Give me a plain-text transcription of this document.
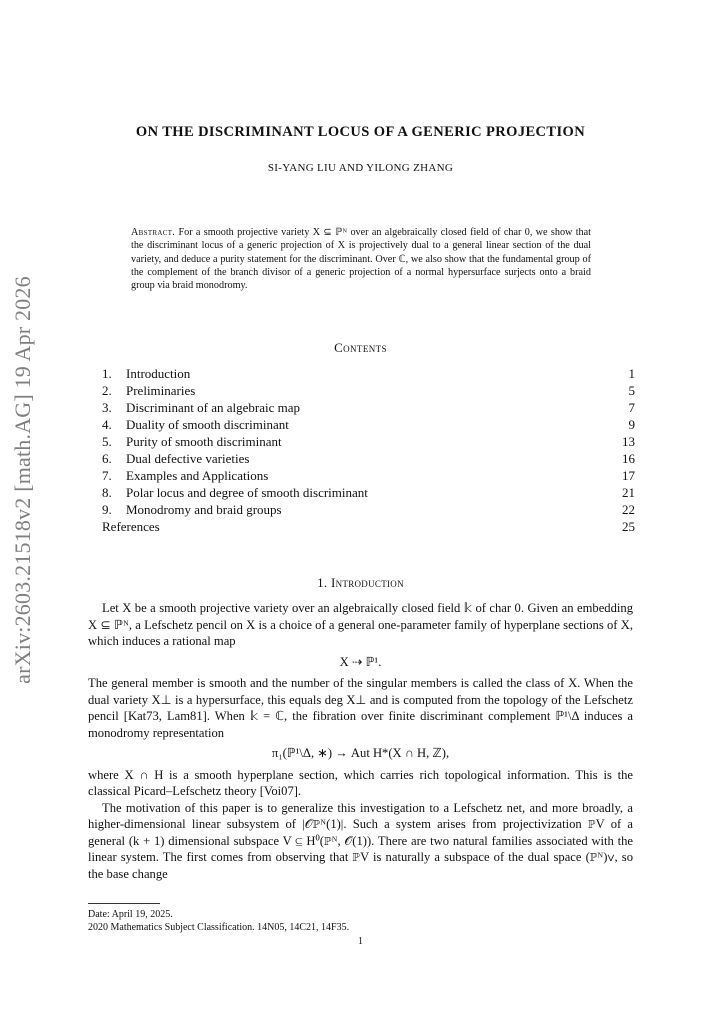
arXiv:2603.21518v2 [math.AG] 19 Apr 2026
ON THE DISCRIMINANT LOCUS OF A GENERIC PROJECTION
SI-YANG LIU AND YILONG ZHANG
Abstract. For a smooth projective variety X ⊆ ℙᴺ over an algebraically closed field of char 0, we show that the discriminant locus of a generic projection of X is projectively dual to a general linear section of the dual variety, and deduce a purity statement for the discriminant. Over ℂ, we also show that the fundamental group of the complement of the branch divisor of a generic projection of a normal hypersurface surjects onto a braid group via braid monodromy.
Contents
1. Introduction	1
2. Preliminaries	5
3. Discriminant of an algebraic map	7
4. Duality of smooth discriminant	9
5. Purity of smooth discriminant	13
6. Dual defective varieties	16
7. Examples and Applications	17
8. Polar locus and degree of smooth discriminant	21
9. Monodromy and braid groups	22
References	25
1. Introduction

Let X be a smooth projective variety over an algebraically closed field 𝕜 of char 0. Given an embedding X ⊆ ℙᴺ, a Lefschetz pencil on X is a choice of a general one-parameter family of hyperplane sections of X, which induces a rational map

X ⇢ ℙ¹.

The general member is smooth and the number of the singular members is called the class of X. When the dual variety X⊥ is a hypersurface, this equals deg X⊥ and is computed from the topology of the Lefschetz pencil [Kat73, Lam81]. When 𝕜 = ℂ, the fibration over finite discriminant complement ℙ¹\Δ induces a monodromy representation

π₁(ℙ¹\Δ, ∗) → Aut H*(X ∩ H, ℤ),

where X ∩ H is a smooth hyperplane section, which carries rich topological information. This is the classical Picard–Lefschetz theory [Voi07].

The motivation of this paper is to generalize this investigation to a Lefschetz net, and more broadly, a higher-dimensional linear subsystem of |𝒪ℙᴺ(1)|. Such a system arises from projectivization ℙV of a general (k + 1) dimensional subspace V ⊆ H⁰(ℙᴺ, 𝒪(1)). There are two natural families associated with the linear system. The first comes from observing that ℙV is naturally a subspace of the dual space (ℙᴺ)∨, so the base change

Date: April 19, 2025.
2020 Mathematics Subject Classification. 14N05, 14C21, 14F35.
1
